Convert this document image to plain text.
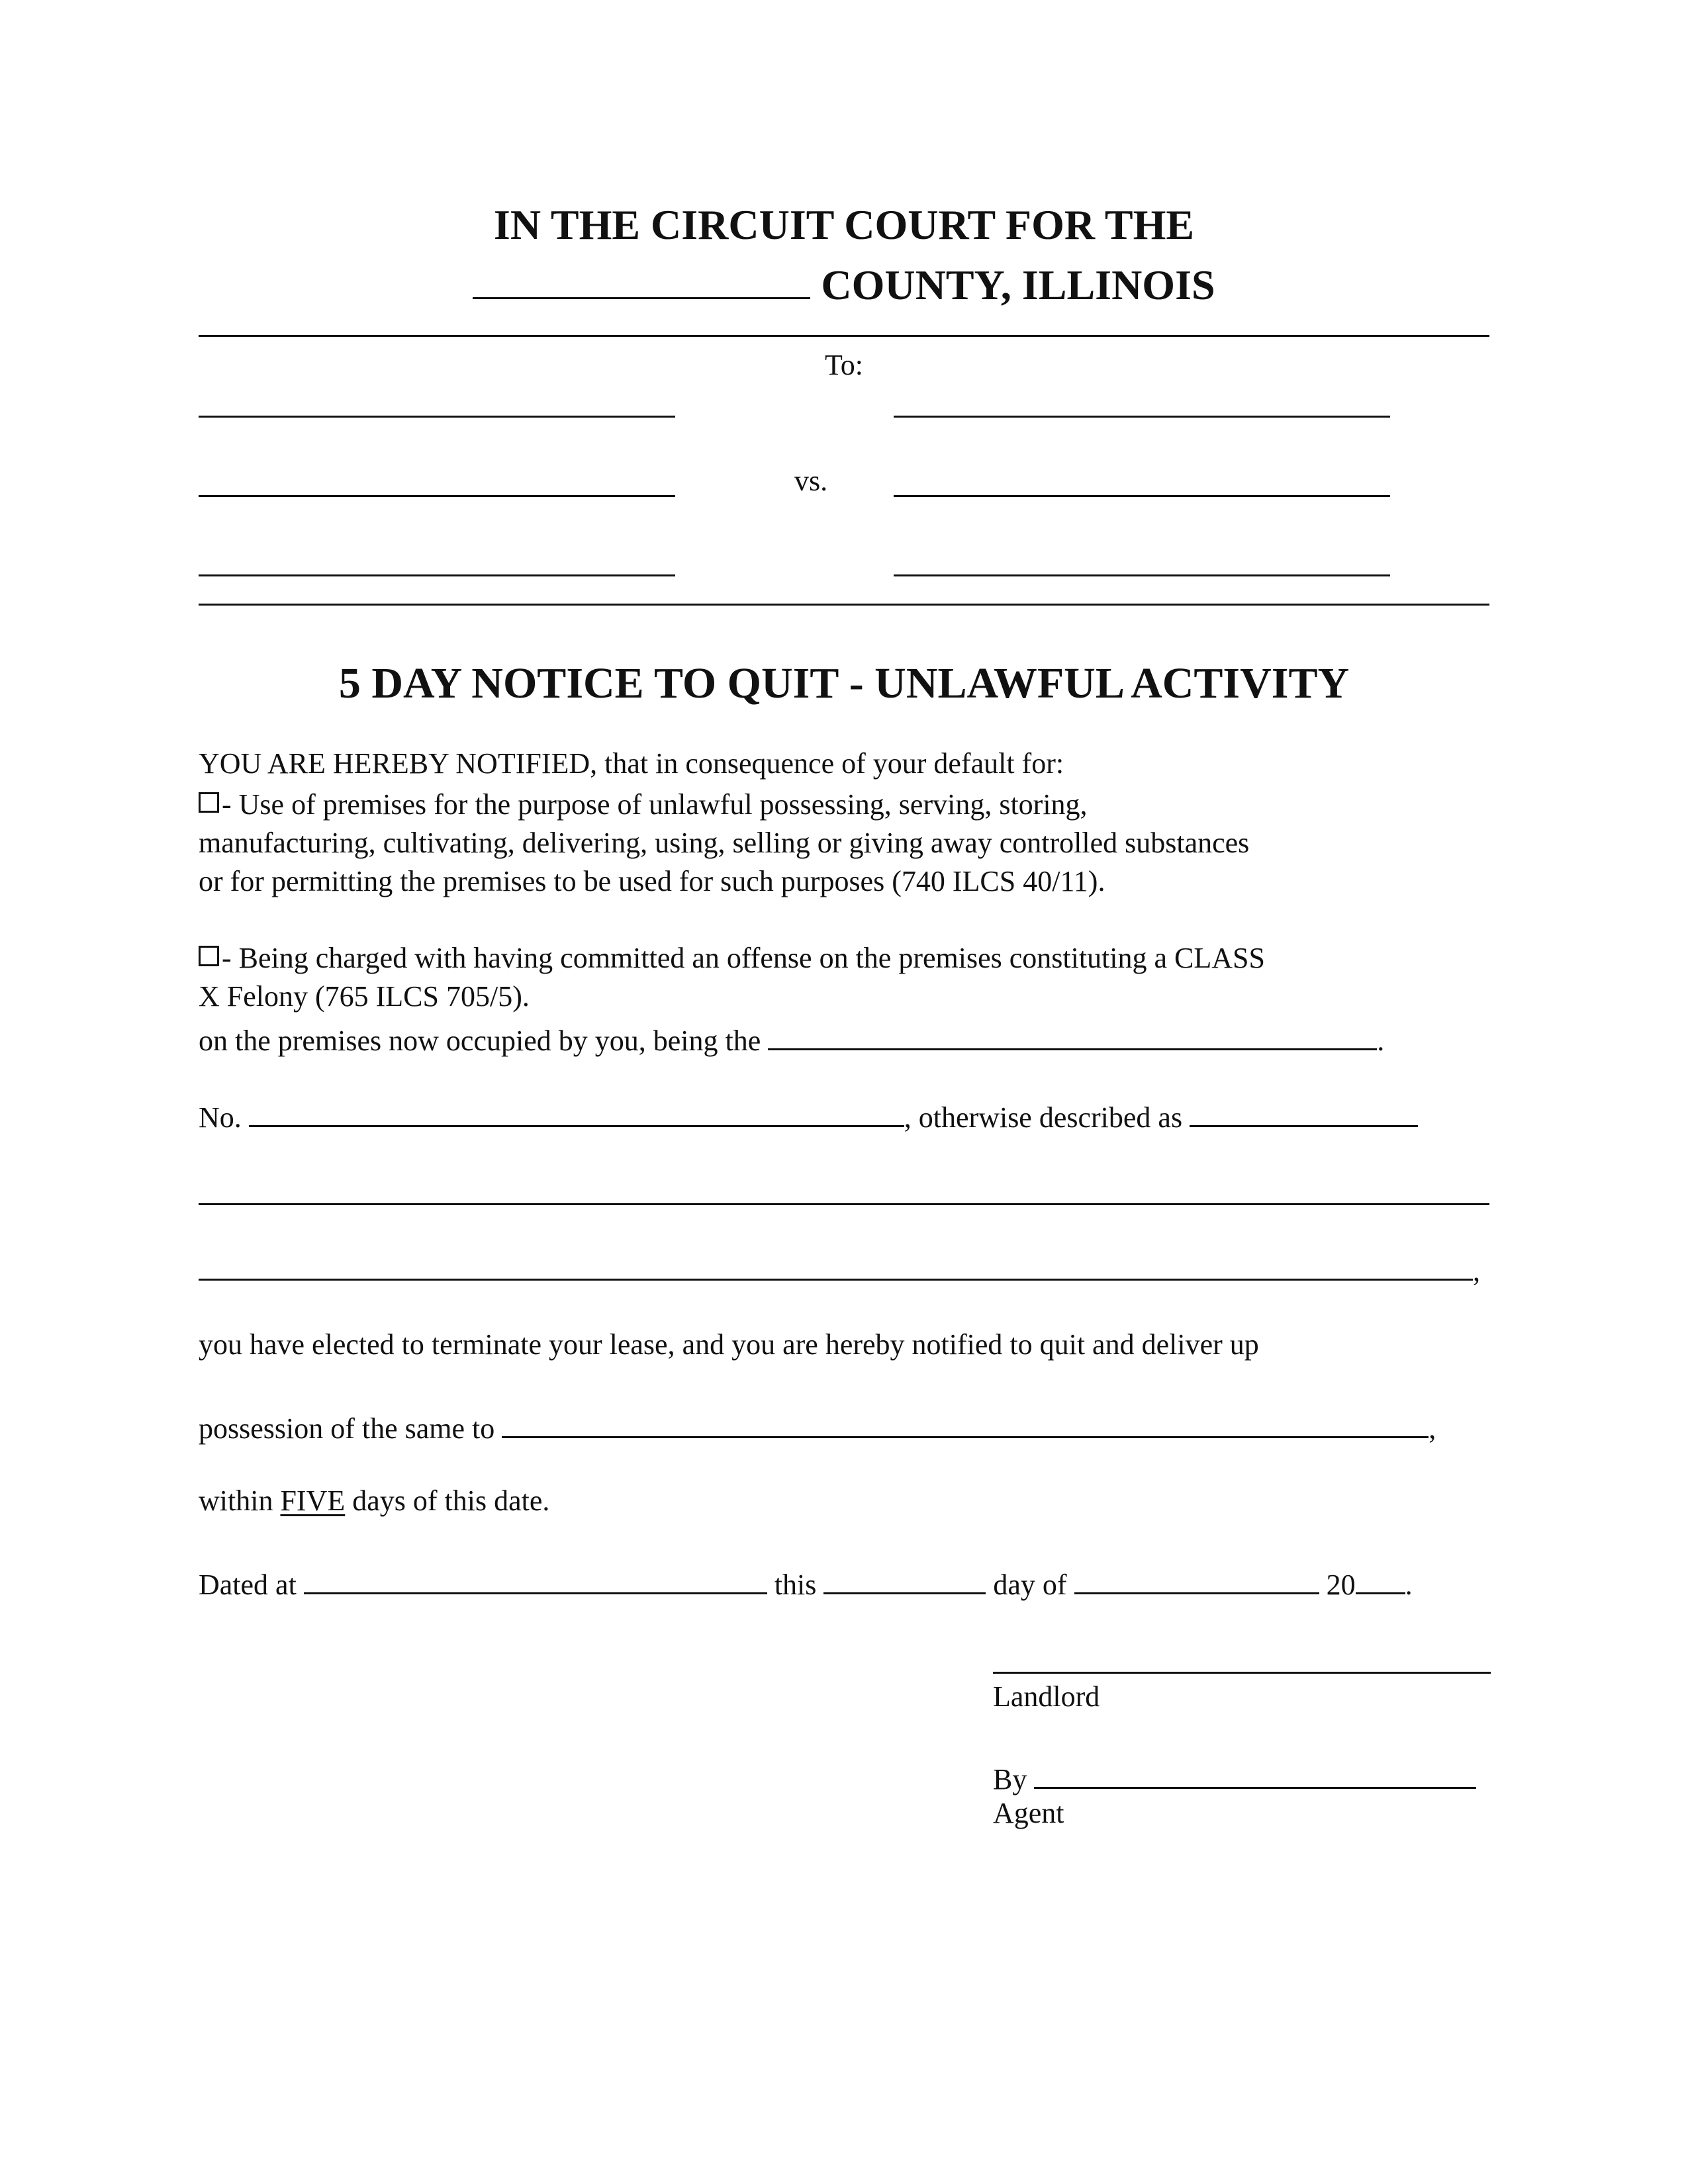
IN THE CIRCUIT COURT FOR THE
COUNTY, ILLINOIS
To:
vs.
5 DAY NOTICE TO QUIT - UNLAWFUL ACTIVITY
YOU ARE HEREBY NOTIFIED, that in consequence of your default for:
- Use of premises for the purpose of unlawful possessing, serving, storing,
manufacturing, cultivating, delivering, using, selling or giving away controlled substances
or for permitting the premises to be used for such purposes (740 ILCS 40/11).
- Being charged with having committed an offense on the premises constituting a CLASS
X Felony (765 ILCS 705/5).
on the premises now occupied by you, being the	.
No.	, otherwise described as
,
you have elected to terminate your lease, and you are hereby notified to quit and deliver up
possession of the same to	,
within FIVE days of this date.
Dated at	this	day of	20 .
Landlord
By
Agent
